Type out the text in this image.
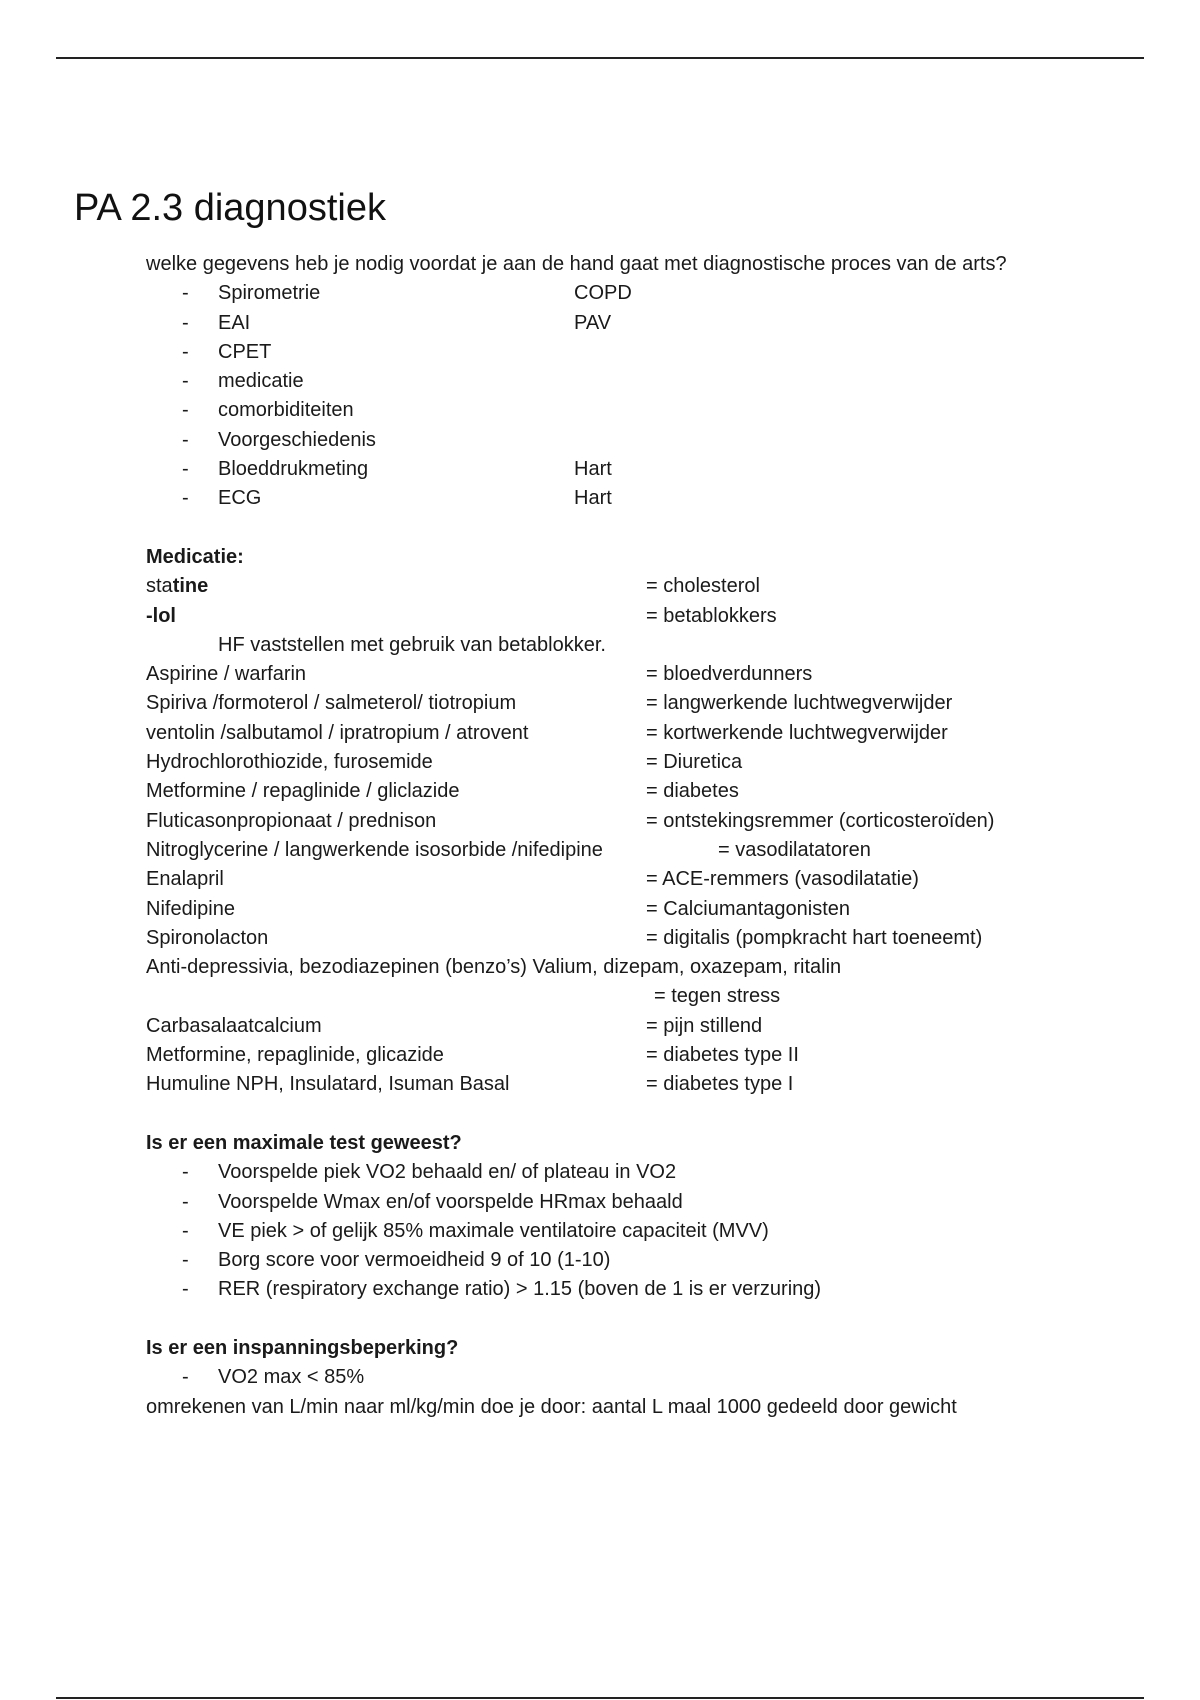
PA 2.3 diagnostiek
welke gegevens heb je nodig voordat je aan de hand gaat met diagnostische proces van de arts?
- Spirometrie	COPD
- EAI	PAV
- CPET
- medicatie
- comorbiditeiten
- Voorgeschiedenis
- Bloeddrukmeting	Hart
- ECG	Hart
Medicatie:
statine	= cholesterol
-lol	= betablokkers
HF vaststellen met gebruik van betablokker.
Aspirine / warfarin	= bloedverdunners
Spiriva /formoterol / salmeterol/ tiotropium	= langwerkende luchtwegverwijder
ventolin /salbutamol / ipratropium / atrovent	= kortwerkende luchtwegverwijder
Hydrochlorothiozide, furosemide	= Diuretica
Metformine / repaglinide / gliclazide	= diabetes
Fluticasonpropionaat / prednison	= ontstekingsremmer (corticosteroïden)
Nitroglycerine / langwerkende isosorbide /nifedipine	= vasodilatatoren
Enalapril	= ACE-remmers (vasodilatatie)
Nifedipine	= Calciumantagonisten
Spironolacton	= digitalis (pompkracht hart toeneemt)
Anti-depressivia, bezodiazepinen (benzo’s) Valium, dizepam, oxazepam, ritalin
= tegen stress
Carbasalaatcalcium	= pijn stillend
Metformine, repaglinide, glicazide	= diabetes type II
Humuline NPH, Insulatard, Isuman Basal	= diabetes type I
Is er een maximale test geweest?
- Voorspelde piek VO2 behaald en/ of plateau in VO2
- Voorspelde Wmax en/of voorspelde HRmax behaald
- VE piek > of gelijk 85% maximale ventilatoire capaciteit (MVV)
- Borg score voor vermoeidheid 9 of 10 (1-10)
- RER (respiratory exchange ratio) > 1.15 (boven de 1 is er verzuring)
Is er een inspanningsbeperking?
- VO2 max < 85%
omrekenen van L/min naar ml/kg/min doe je door: aantal L maal 1000 gedeeld door gewicht
